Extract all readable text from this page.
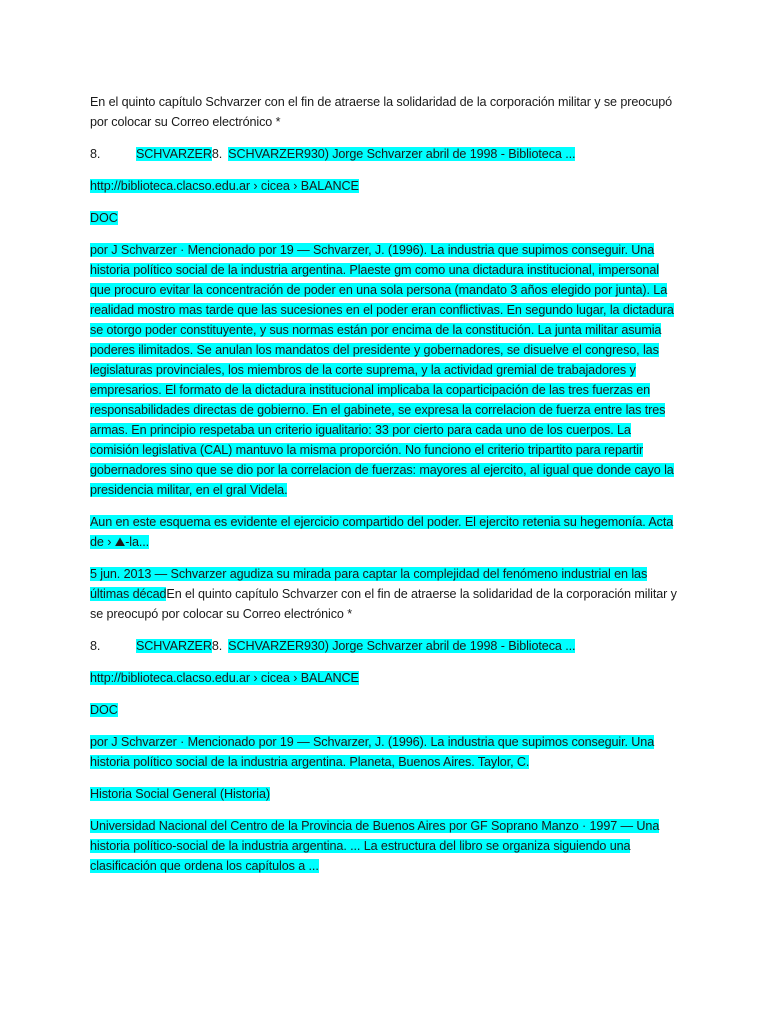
En el quinto capítulo Schvarzer con el fin de atraerse la solidaridad de la corporación militar y se preocupó por colocar su Correo electrónico *

8.	SCHVARZER8. SCHVARZER930) Jorge Schvarzer abril de 1998 - Biblioteca ...

http://biblioteca.clacso.edu.ar › cicea › BALANCE

DOC

por J Schvarzer · Mencionado por 19 — Schvarzer, J. (1996). La industria que supimos conseguir. Una historia político social de la industria argentina. Plaeste gm como una dictadura institucional, impersonal que procuro evitar la concentración de poder en una sola persona (mandato 3 años elegido por junta). La realidad mostro mas tarde que las sucesiones en el poder eran conflictivas. En segundo lugar, la dictadura se otorgo poder constituyente, y sus normas están por encima de la constitución. La junta militar asumia poderes ilimitados. Se anulan los mandatos del presidente y gobernadores, se disuelve el congreso, las legislaturas provinciales, los miembros de la corte suprema, y la actividad gremial de trabajadores y empresarios. El formato de la dictadura institucional implicaba la coparticipación de las tres fuerzas en responsabilidades directas de gobierno. En el gabinete, se expresa la correlacion de fuerza entre las tres armas. En principio respetaba un criterio igualitario: 33 por cierto para cada uno de los cuerpos. La comisión legislativa (CAL) mantuvo la misma proporción. No funciono el criterio tripartito para repartir gobernadores sino que se dio por la correlacion de fuerzas: mayores al ejercito, al igual que donde cayo la presidencia militar, en el gral Videla.

Aun en este esquema es evidente el ejercicio compartido del poder. El ejercito retenia su hegemonía. Acta de › ⛰-la...

5 jun. 2013 — Schvarzer agudiza su mirada para captar la complejidad del fenómeno industrial en las últimas décadEn el quinto capítulo Schvarzer con el fin de atraerse la solidaridad de la corporación militar y se preocupó por colocar su Correo electrónico *

8.	SCHVARZER8. SCHVARZER930) Jorge Schvarzer abril de 1998 - Biblioteca ...

http://biblioteca.clacso.edu.ar › cicea › BALANCE

DOC

por J Schvarzer · Mencionado por 19 — Schvarzer, J. (1996). La industria que supimos conseguir. Una historia político social de la industria argentina. Planeta, Buenos Aires. Taylor, C.

Historia Social General (Historia)

Universidad Nacional del Centro de la Provincia de Buenos Aires por GF Soprano Manzo · 1997 — Una historia político-social de la industria argentina. ... La estructura del libro se organiza siguiendo una clasificación que ordena los capítulos a ...
